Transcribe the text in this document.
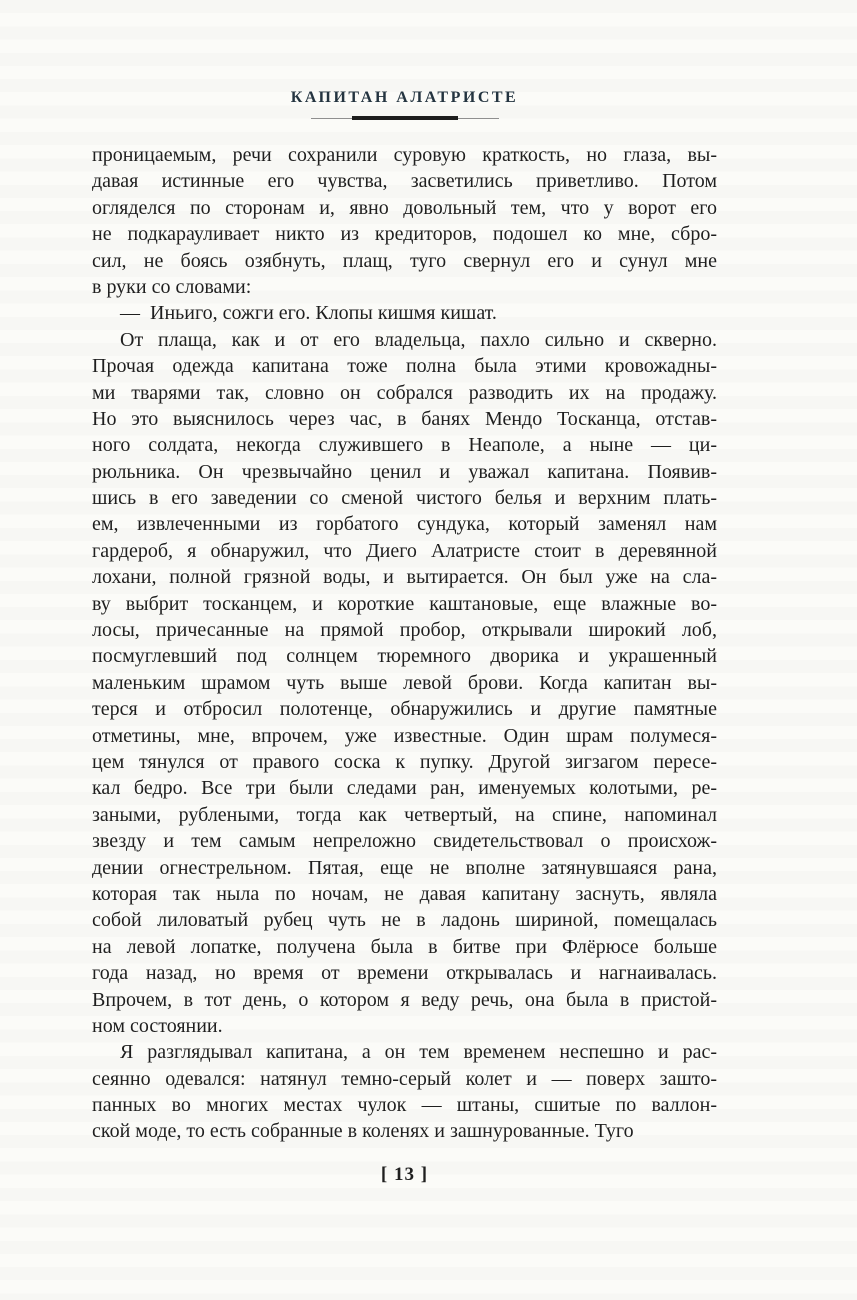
КАПИТАН АЛАТРИСТЕ

проницаемым, речи сохранили суровую краткость, но глаза, вы-
давая истинные его чувства, засветились приветливо. Потом
огляделся по сторонам и, явно довольный тем, что у ворот его
не подкарауливает никто из кредиторов, подошел ко мне, сбро-
сил, не боясь озябнуть, плащ, туго свернул его и сунул мне
в руки со словами:

— Иньиго, сожги его. Клопы кишмя кишат.

От плаща, как и от его владельца, пахло сильно и скверно.
Прочая одежда капитана тоже полна была этими кровожадны-
ми тварями так, словно он собрался разводить их на продажу.
Но это выяснилось через час, в банях Мендо Тосканца, отстав-
ного солдата, некогда служившего в Неаполе, а ныне — ци-
рюльника. Он чрезвычайно ценил и уважал капитана. Появив-
шись в его заведении со сменой чистого белья и верхним плать-
ем, извлеченными из горбатого сундука, который заменял нам
гардероб, я обнаружил, что Диего Алатристе стоит в деревянной
лохани, полной грязной воды, и вытирается. Он был уже на сла-
ву выбрит тосканцем, и короткие каштановые, еще влажные во-
лосы, причесанные на прямой пробор, открывали широкий лоб,
посмуглевший под солнцем тюремного дворика и украшенный
маленьким шрамом чуть выше левой брови. Когда капитан вы-
терся и отбросил полотенце, обнаружились и другие памятные
отметины, мне, впрочем, уже известные. Один шрам полумеся-
цем тянулся от правого соска к пупку. Другой зигзагом пересе-
кал бедро. Все три были следами ран, именуемых колотыми, ре-
заными, рублеными, тогда как четвертый, на спине, напоминал
звезду и тем самым непреложно свидетельствовал о происхож-
дении огнестрельном. Пятая, еще не вполне затянувшаяся рана,
которая так ныла по ночам, не давая капитану заснуть, являла
собой лиловатый рубец чуть не в ладонь шириной, помещалась
на левой лопатке, получена была в битве при Флёрюсе больше
года назад, но время от времени открывалась и нагнаивалась.
Впрочем, в тот день, о котором я веду речь, она была в пристой-
ном состоянии.

Я разглядывал капитана, а он тем временем неспешно и рас-
сеянно одевался: натянул темно-серый колет и — поверх зашто-
панных во многих местах чулок — штаны, сшитые по валлон-
ской моде, то есть собранные в коленях и зашнурованные. Туго

[ 13 ]
